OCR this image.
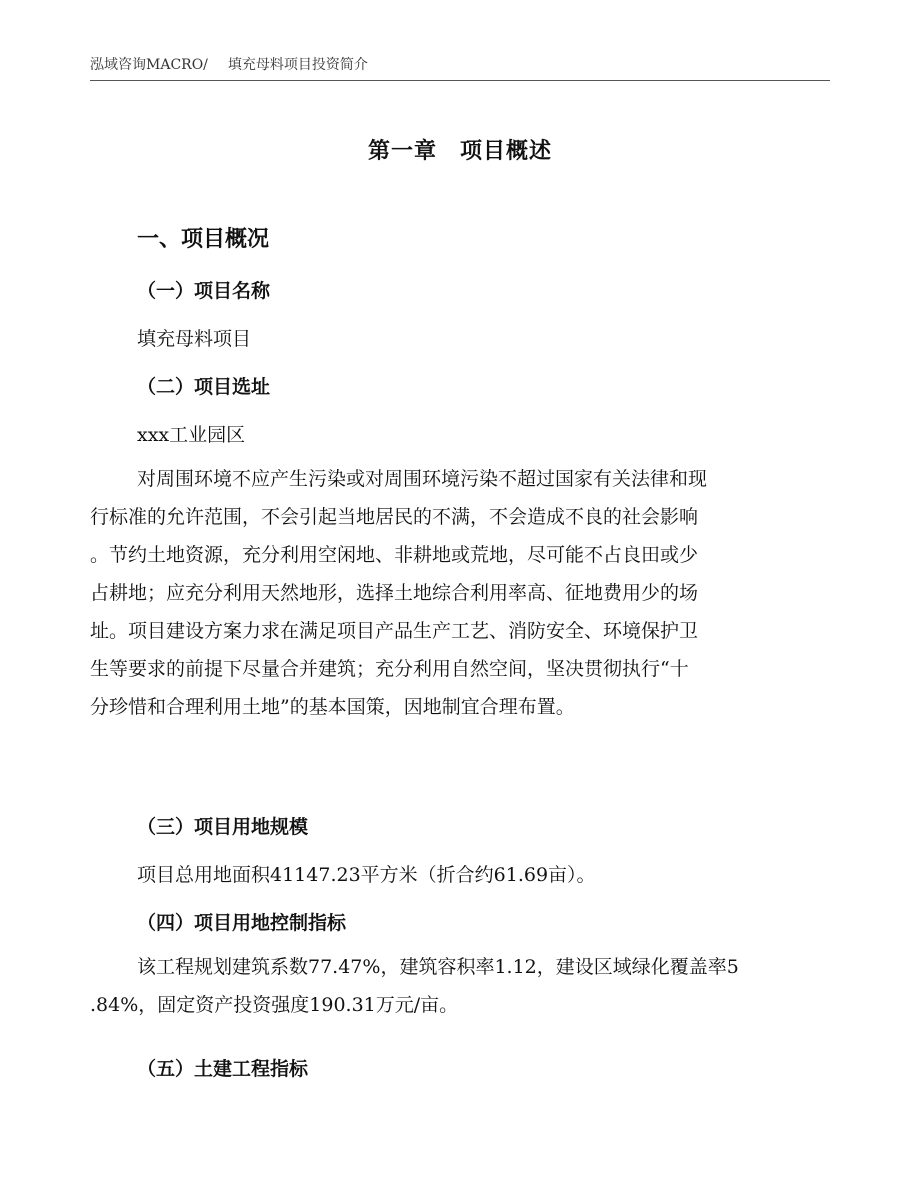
泓域咨询MACRO/ 填充母料项目投资简介
第一章　项目概述
一、项目概况
（一）项目名称
填充母料项目
（二）项目选址
xxx工业园区
对周围环境不应产生污染或对周围环境污染不超过国家有关法律和现
行标准的允许范围，不会引起当地居民的不满，不会造成不良的社会影响
。节约土地资源，充分利用空闲地、非耕地或荒地，尽可能不占良田或少
占耕地；应充分利用天然地形，选择土地综合利用率高、征地费用少的场
址。项目建设方案力求在满足项目产品生产工艺、消防安全、环境保护卫
生等要求的前提下尽量合并建筑；充分利用自然空间，坚决贯彻执行“十
分珍惜和合理利用土地”的基本国策，因地制宜合理布置。
（三）项目用地规模
项目总用地面积41147.23平方米（折合约61.69亩）。
（四）项目用地控制指标
该工程规划建筑系数77.47%，建筑容积率1.12，建设区域绿化覆盖率5
.84%，固定资产投资强度190.31万元/亩。
（五）土建工程指标
